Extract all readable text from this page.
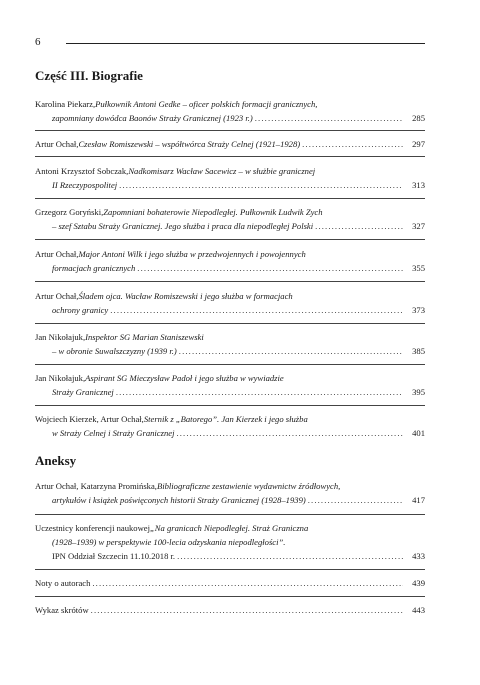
6
Część III. Biografie
Karolina Piekarz, Pułkownik Antoni Gedke – oficer polskich formacji granicznych,
zapomniany dowódca Baonów Straży Granicznej (1923 r.) . . .	285
Artur Ochał, Czesław Romiszewski – współtwórca Straży Celnej (1921–1928) . . .	297
Antoni Krzysztof Sobczak, Nadkomisarz Wacław Sacewicz – w służbie granicznej
II Rzeczypospolitej . . .	313
Grzegorz Goryński, Zapomniani bohaterowie Niepodległej. Pułkownik Ludwik Zych
– szef Sztabu Straży Granicznej. Jego służba i praca dla niepodległej Polski . . .	327
Artur Ochał, Major Antoni Wilk i jego służba w przedwojennych i powojennych
formacjach granicznych . . .	355
Artur Ochał, Śladem ojca. Wacław Romiszewski i jego służba w formacjach
ochrony granicy . . .	373
Jan Nikołajuk, Inspektor SG Marian Staniszewski
– w obronie Suwalszczyzny (1939 r.) . . .	385
Jan Nikołajuk, Aspirant SG Mieczysław Padoł i jego służba w wywiadzie
Straży Granicznej . . .	395
Wojciech Kierzek, Artur Ochał, Sternik z „Batorego”. Jan Kierzek i jego służba
w Straży Celnej i Straży Granicznej . . .	401
Aneksy
Artur Ochał, Katarzyna Promińska, Bibliograficzne zestawienie wydawnictw źródłowych,
artykułów i książek poświęconych historii Straży Granicznej (1928–1939) . . .	417
Uczestnicy konferencji naukowej „Na granicach Niepodległej. Straż Graniczna
(1928–1939) w perspektywie 100-lecia odzyskania niepodległości”.
IPN Oddział Szczecin 11.10.2018 r. . . .	433
Noty o autorach . . .	439
Wykaz skrótów . . .	443
